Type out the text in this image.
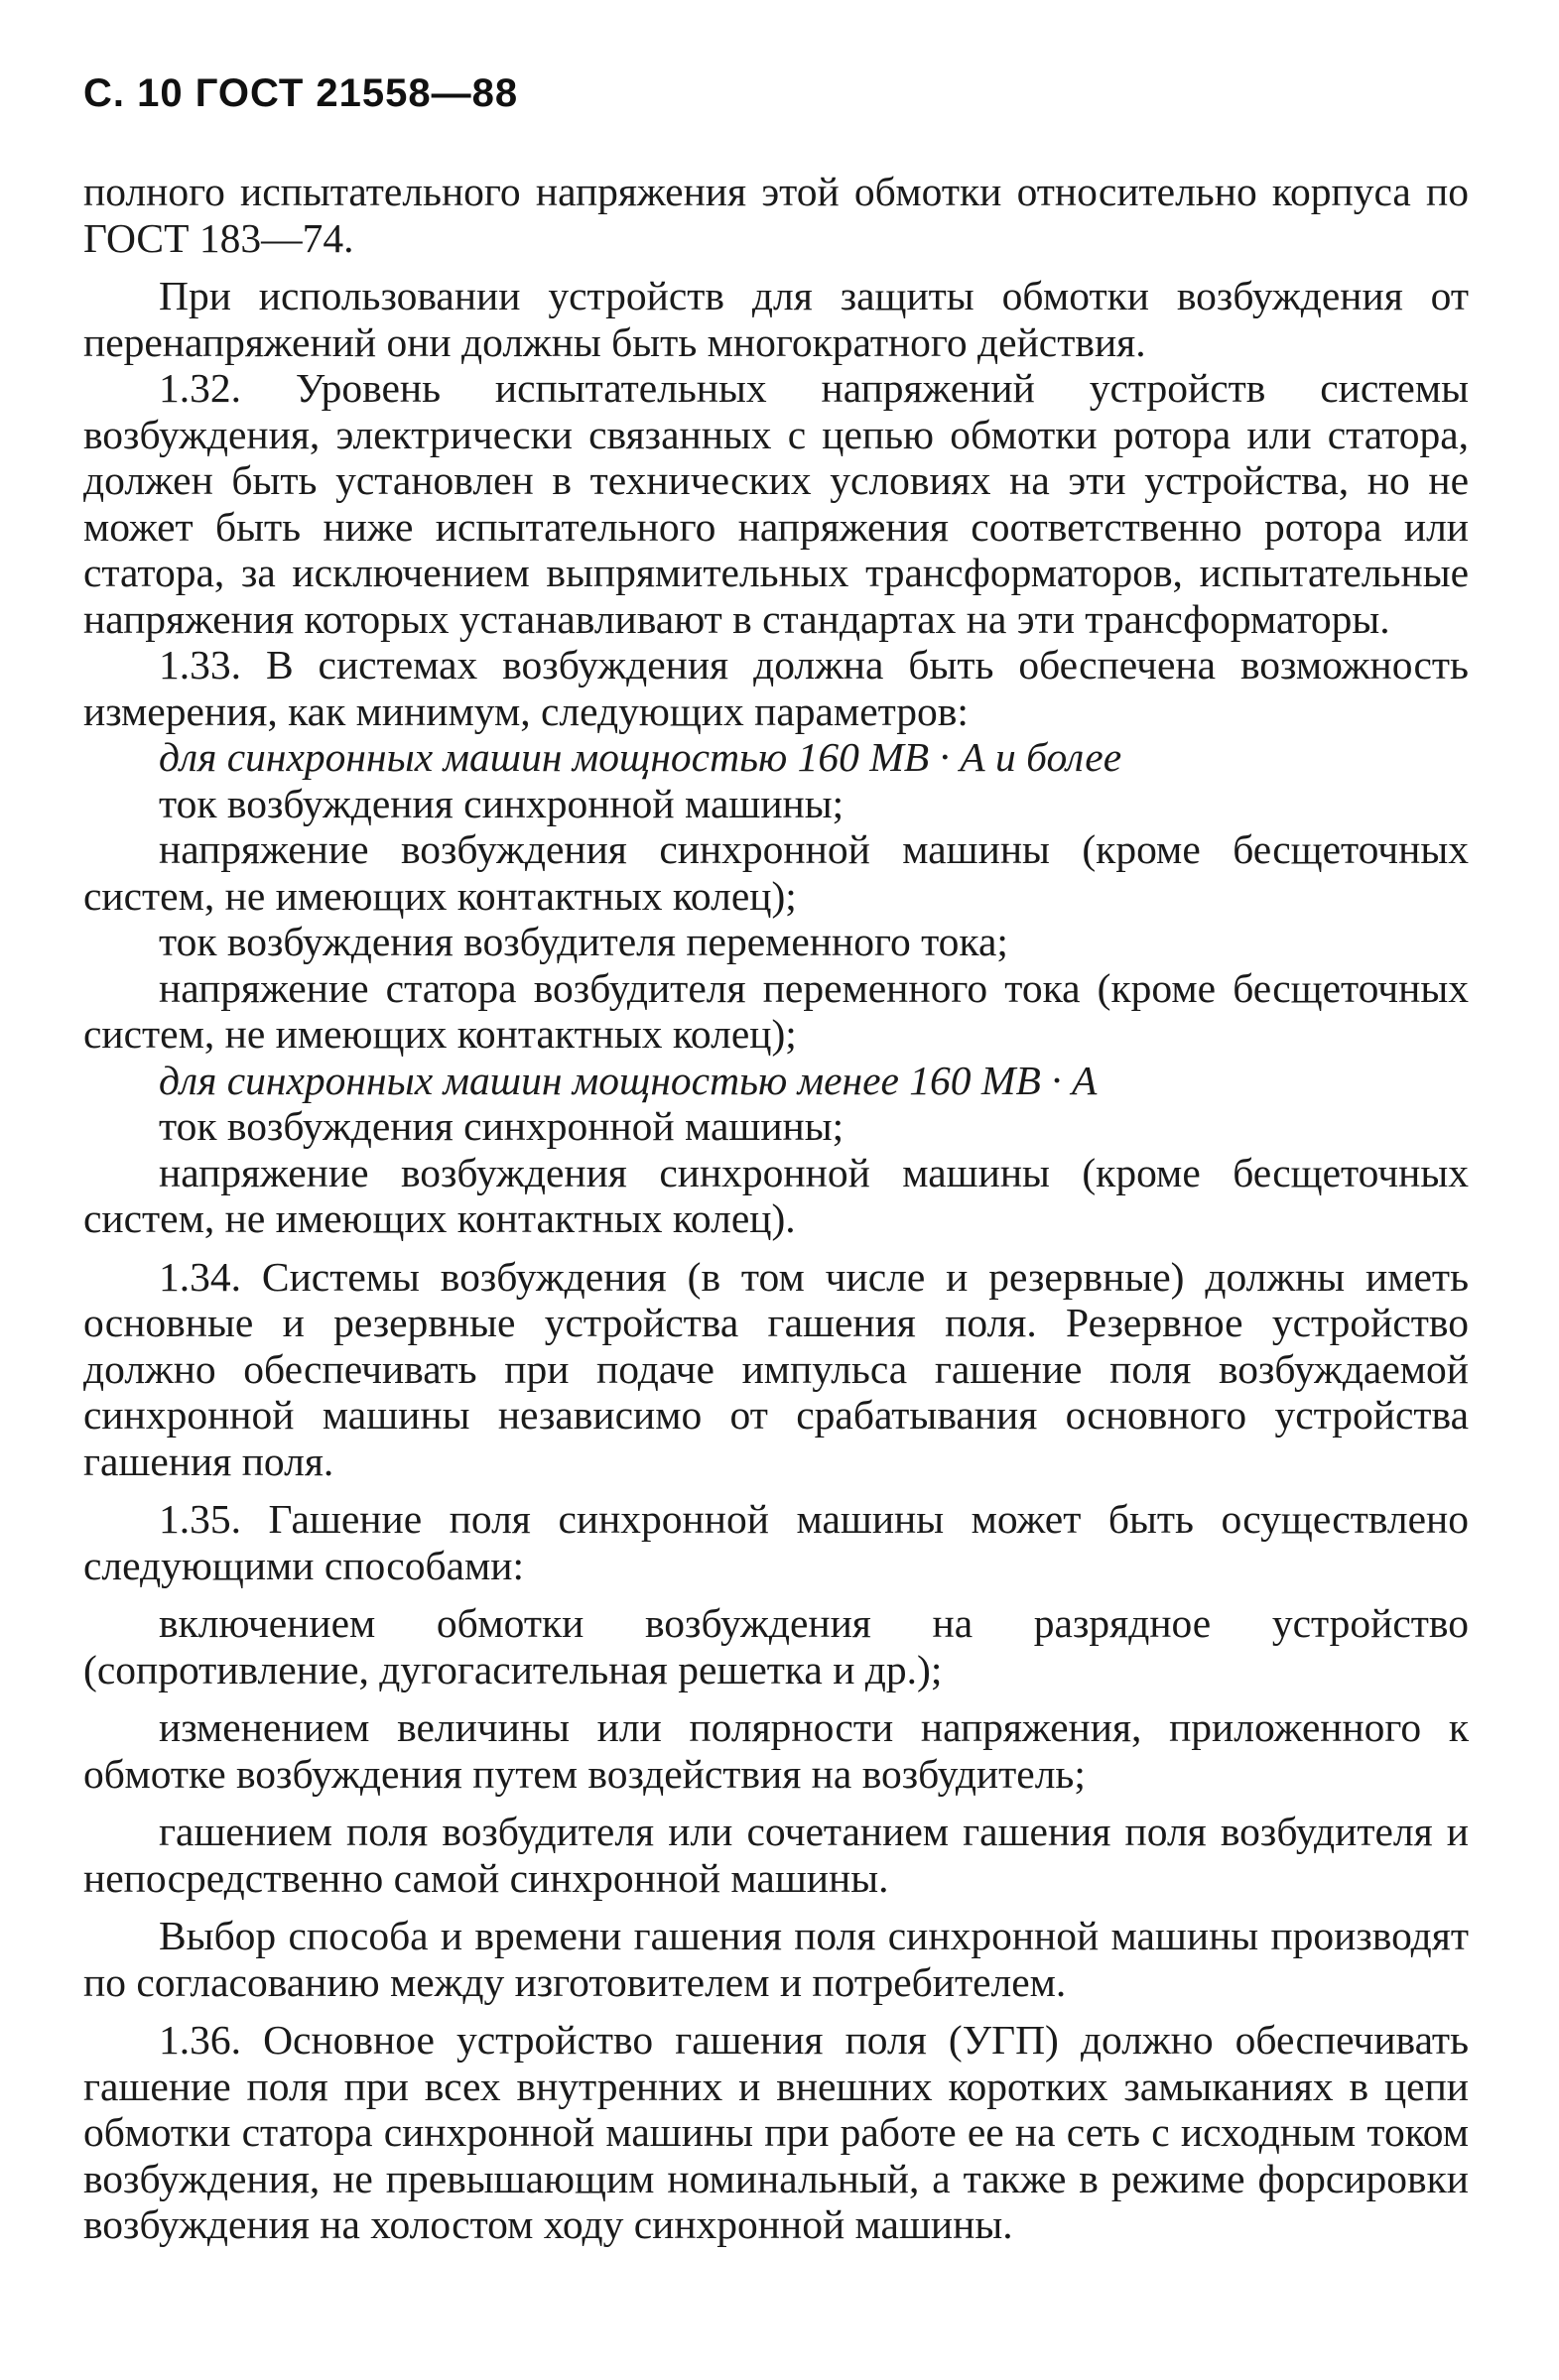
С. 10 ГОСТ 21558—88

полного испытательного напряжения этой обмотки относительно корпуса по ГОСТ 183—74.

При использовании устройств для защиты обмотки возбуждения от перенапряжений они должны быть многократного действия.

1.32. Уровень испытательных напряжений устройств системы возбуждения, электрически связанных с цепью обмотки ротора или статора, должен быть установлен в технических условиях на эти устройства, но не может быть ниже испытательного напряжения соответственно ротора или статора, за исключением выпрямительных трансформаторов, испытательные напряжения которых устанавливают в стандартах на эти трансформаторы.

1.33. В системах возбуждения должна быть обеспечена возможность измерения, как минимум, следующих параметров:

для синхронных машин мощностью 160 МВ · А и более

ток возбуждения синхронной машины;

напряжение возбуждения синхронной машины (кроме бесщеточных систем, не имеющих контактных колец);

ток возбуждения возбудителя переменного тока;

напряжение статора возбудителя переменного тока (кроме бесщеточных систем, не имеющих контактных колец);

для синхронных машин мощностью менее 160 МВ · А

ток возбуждения синхронной машины;

напряжение возбуждения синхронной машины (кроме бесщеточных систем, не имеющих контактных колец).

1.34. Системы возбуждения (в том числе и резервные) должны иметь основные и резервные устройства гашения поля. Резервное устройство должно обеспечивать при подаче импульса гашение поля возбуждаемой синхронной машины независимо от срабатывания основного устройства гашения поля.

1.35. Гашение поля синхронной машины может быть осуществлено следующими способами:

включением обмотки возбуждения на разрядное устройство (сопротивление, дугогасительная решетка и др.);

изменением величины или полярности напряжения, приложенного к обмотке возбуждения путем воздействия на возбудитель;

гашением поля возбудителя или сочетанием гашения поля возбудителя и непосредственно самой синхронной машины.

Выбор способа и времени гашения поля синхронной машины производят по согласованию между изготовителем и потребителем.

1.36. Основное устройство гашения поля (УГП) должно обеспечивать гашение поля при всех внутренних и внешних коротких замыканиях в цепи обмотки статора синхронной машины при работе ее на сеть с исходным током возбуждения, не превышающим номинальный, а также в режиме форсировки возбуждения на холостом ходу синхронной машины.
